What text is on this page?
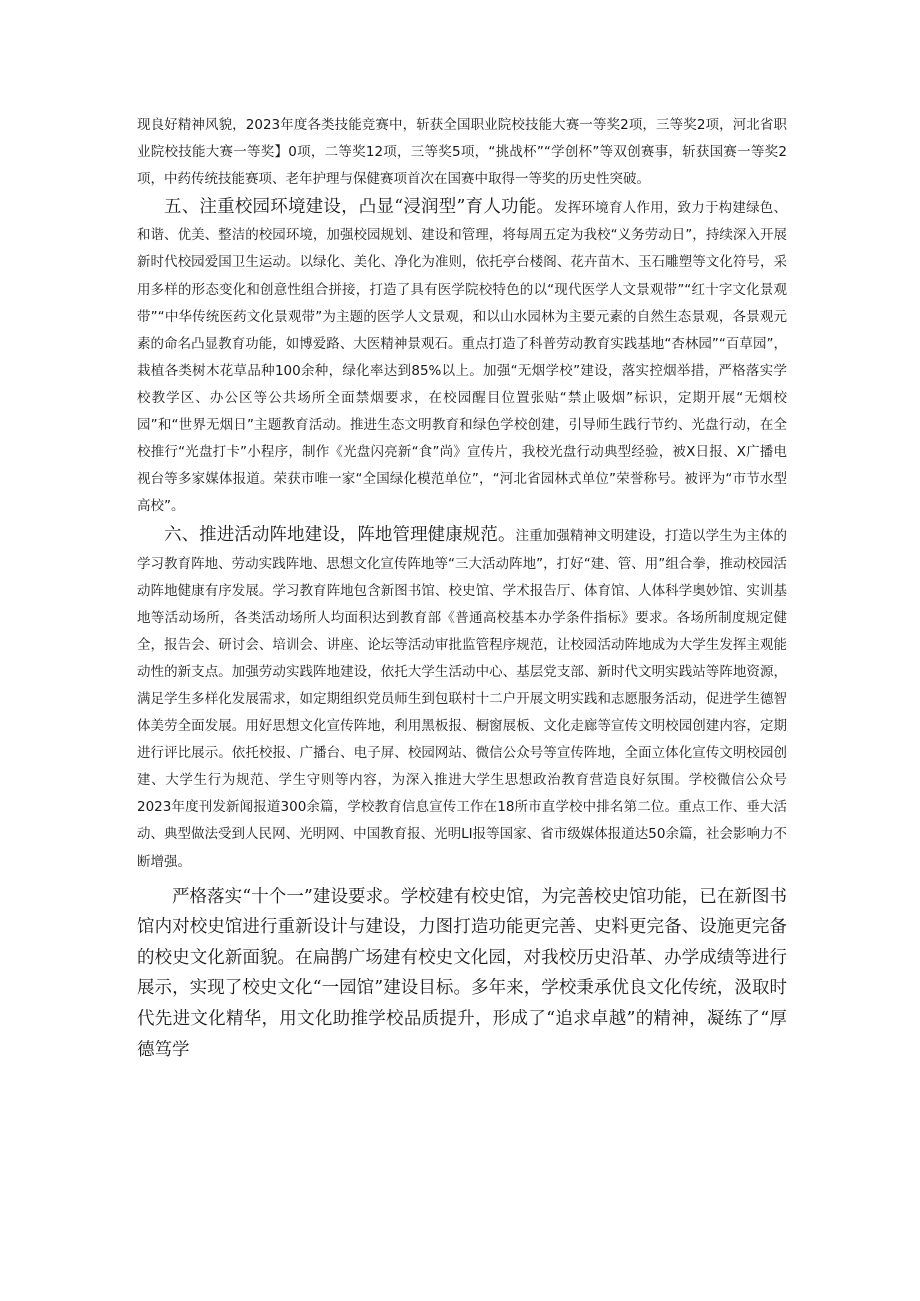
现良好精神风貌，2023年度各类技能竞赛中，斩获全国职业院校技能大赛一等奖2项，三等奖2项，河北省职业院校技能大赛一等奖】0项，二等奖12项，三等奖5项，“挑战杯”“学创杯”等双创赛事，斩获国赛一等奖2项，中药传统技能赛项、老年护理与保健赛项首次在国赛中取得一等奖的历史性突破。

五、注重校园环境建设，凸显“浸润型”育人功能。发挥环境育人作用，致力于构建绿色、和谐、优美、整洁的校园环境，加强校园规划、建设和管理，将每周五定为我校“义务劳动日”，持续深入开展新时代校园爱国卫生运动。以绿化、美化、净化为准则，依托亭台楼阁、花卉苗木、玉石雕塑等文化符号，采用多样的形态变化和创意性组合拼接，打造了具有医学院校特色的以“现代医学人文景观带”“红十字文化景观带”“中华传统医药文化景观带”为主题的医学人文景观，和以山水园林为主要元素的自然生态景观，各景观元素的命名凸显教育功能，如博爱路、大医精神景观石。重点打造了科普劳动教育实践基地“杏林园”“百草园”，栽植各类树木花草品种100余种，绿化率达到85%以上。加强“无烟学校”建设，落实控烟举措，严格落实学校教学区、办公区等公共场所全面禁烟要求，在校园醒目位置张贴“禁止吸烟”标识，定期开展“无烟校园”和“世界无烟日”主题教育活动。推进生态文明教育和绿色学校创建，引导师生践行节约、光盘行动，在全校推行“光盘打卡”小程序，制作《光盘闪亮新“食”尚》宣传片，我校光盘行动典型经验，被X日报、X广播电视台等多家媒体报道。荣获市唯一家“全国绿化模范单位”，“河北省园林式单位”荣誉称号。被评为“市节水型高校”。

六、推进活动阵地建设，阵地管理健康规范。注重加强精神文明建设，打造以学生为主体的学习教育阵地、劳动实践阵地、思想文化宣传阵地等“三大活动阵地”，打好“建、管、用”组合拳，推动校园活动阵地健康有序发展。学习教育阵地包含新图书馆、校史馆、学术报告厅、体育馆、人体科学奥妙馆、实训基地等活动场所，各类活动场所人均面积达到教育部《普通高校基本办学条件指标》要求。各场所制度规定健全，报告会、研讨会、培训会、讲座、论坛等活动审批监管程序规范，让校园活动阵地成为大学生发挥主观能动性的新支点。加强劳动实践阵地建设，依托大学生活动中心、基层党支部、新时代文明实践站等阵地资源，满足学生多样化发展需求，如定期组织党员师生到包联村十二户开展文明实践和志愿服务活动，促进学生德智体美劳全面发展。用好思想文化宣传阵地，利用黑板报、橱窗展板、文化走廊等宣传文明校园创建内容，定期进行评比展示。依托校报、广播台、电子屏、校园网站、微信公众号等宣传阵地，全面立体化宣传文明校园创建、大学生行为规范、学生守则等内容，为深入推进大学生思想政治教育营造良好氛围。学校微信公众号2023年度刊发新闻报道300余篇，学校教育信息宣传工作在18所市直学校中排名第二位。重点工作、垂大活动、典型做法受到人民网、光明网、中国教育报、光明LI报等国家、省市级媒体报道达50余篇，社会影响力不断增强。

严格落实“十个一”建设要求。学校建有校史馆，为完善校史馆功能，已在新图书馆内对校史馆进行重新设计与建设，力图打造功能更完善、史料更完备、设施更完备的校史文化新面貌。在扁鹊广场建有校史文化园，对我校历史沿革、办学成绩等进行展示，实现了校史文化“一园馆”建设目标。多年来，学校秉承优良文化传统，汲取时代先进文化精华，用文化助推学校品质提升，形成了“追求卓越”的精神，凝练了“厚德笃学
